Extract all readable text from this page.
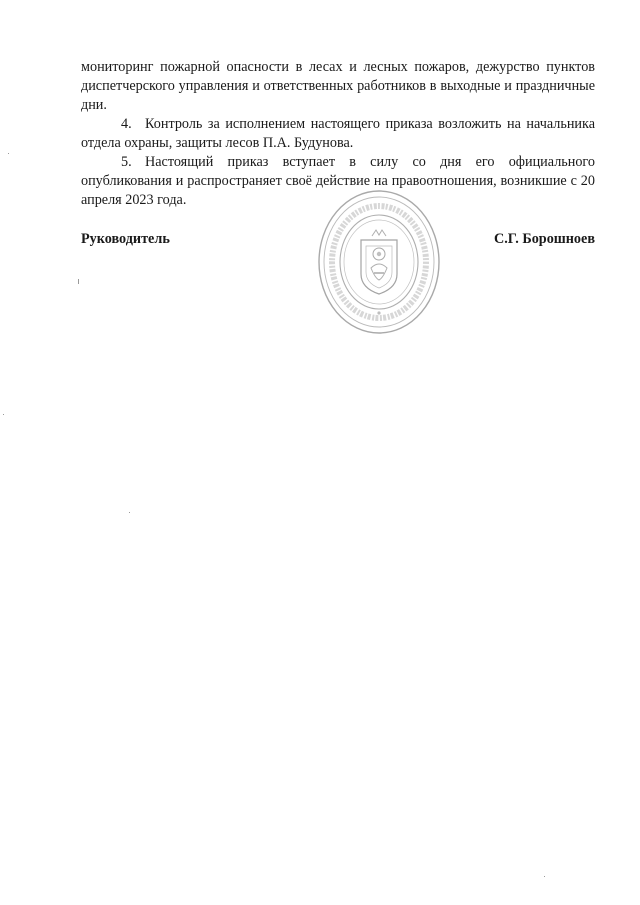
мониторинг пожарной опасности в лесах и лесных пожаров, дежурство пунктов диспетчерского управления и ответственных работников в выходные и праздничные дни.

4. Контроль за исполнением настоящего приказа возложить на начальника отдела охраны, защиты лесов П.А. Будунова.

5. Настоящий приказ вступает в силу со дня его официального опубликования и распространяет своё действие на правоотношения, возникшие с 20 апреля 2023 года.

Руководитель	С.Г. Борошноев
